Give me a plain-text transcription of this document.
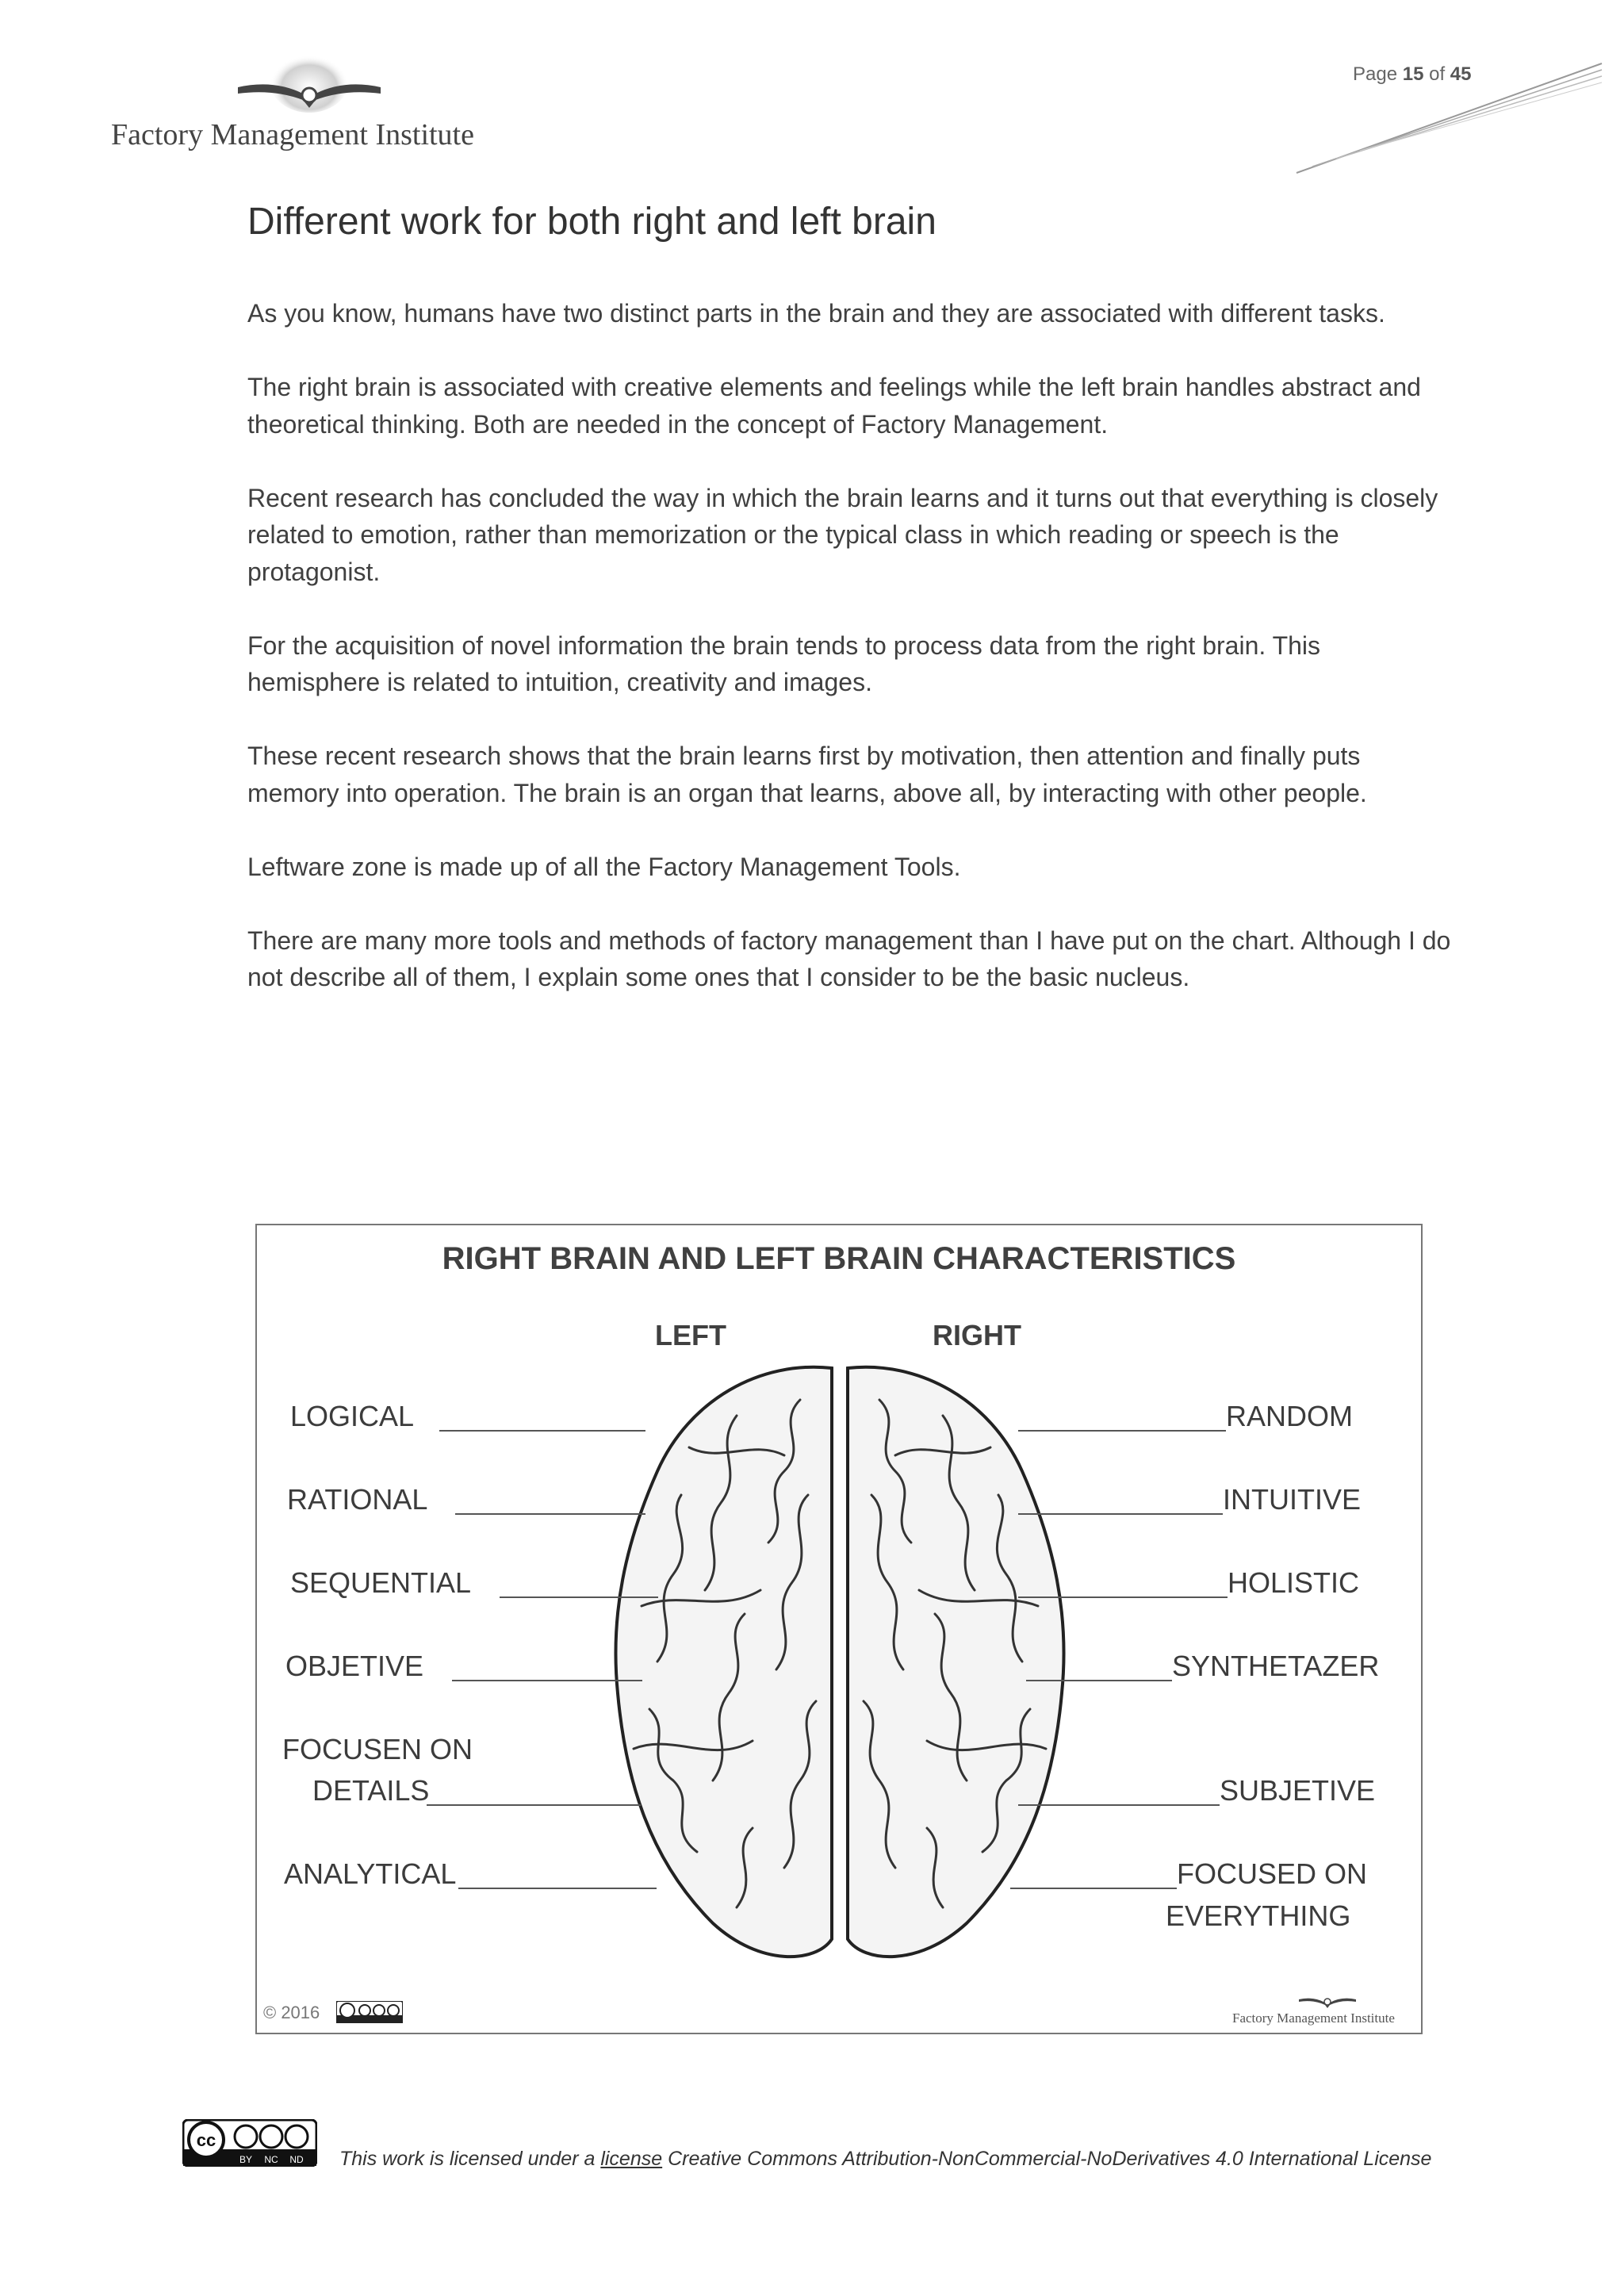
Factory Management Institute
Page 15 of 45
Different work for both right and left brain

As you know, humans have two distinct parts in the brain and they are associated with different tasks.

The right brain is associated with creative elements and feelings while the left brain handles abstract and theoretical thinking. Both are needed in the concept of Factory Management.

Recent research has concluded the way in which the brain learns and it turns out that everything is closely related to emotion, rather than memorization or the typical class in which reading or speech is the protagonist.

For the acquisition of novel information the brain tends to process data from the right brain. This hemisphere is related to intuition, creativity and images.

These recent research shows that the brain learns first by motivation, then attention and finally puts memory into operation. The brain is an organ that learns, above all, by interacting with other people.

Leftware zone is made up of all the Factory Management Tools.

There are many more tools and methods of factory management than I have put on the chart. Although I do not describe all of them, I explain some ones that I consider to be the basic nucleus.

RIGHT BRAIN AND LEFT BRAIN CHARACTERISTICS
LEFT	RIGHT
LOGICAL
RATIONAL
SEQUENTIAL
OBJETIVE
FOCUSEN ON
DETAILS
ANALYTICAL
RANDOM
INTUITIVE
HOLISTIC
SYNTHETAZER
SUBJETIVE
FOCUSED ON
EVERYTHING
© 2016	Factory Management Institute
cc
BY NC ND This work is licensed under a license Creative Commons Attribution-NonCommercial-NoDerivatives 4.0 International License
